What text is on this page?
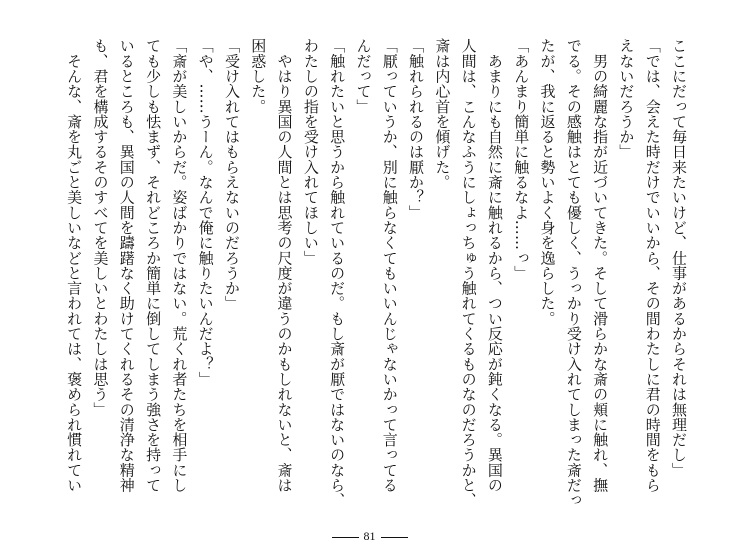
ここにだって毎日来たいけど、仕事があるからそれは無理だし」
「では、会えた時だけでいいから、その間わたしに君の時間をもら
えないだろうか」
　男の綺麗な指が近づいてきた。そして滑らかな斎の頬に触れ、撫
でる。その感触はとても優しく、うっかり受け入れてしまった斎だっ
たが、我に返ると勢いよく身を逸らした。
「あんまり簡単に触るなよ……っ」
　あまりにも自然に斎に触れるから、つい反応が鈍くなる。異国の
人間は、こんなふうにしょっちゅう触れてくるものなのだろうかと、
斎は内心首を傾げた。
「触れられるのは厭か？」
「厭っていうか、別に触らなくてもいいんじゃないかって言ってる
んだって」
「触れたいと思うから触れているのだ。もし斎が厭ではないのなら、
わたしの指を受け入れてほしい」
　やはり異国の人間とは思考の尺度が違うのかもしれないと、斎は
困惑した。
「受け入れてはもらえないのだろうか」
「や、……うーん。なんで俺に触りたいんだよ？」
「斎が美しいからだ。姿ばかりではない。荒くれ者たちを相手にし
ても少しも怯まず、それどころか簡単に倒してしまう強さを持って
いるところも、異国の人間を躊躇なく助けてくれるその清浄な精神
も、君を構成するそのすべてを美しいとわたしは思う」
　そんな、斎を丸ごと美しいなどと言われては、褒められ慣れてい
81
